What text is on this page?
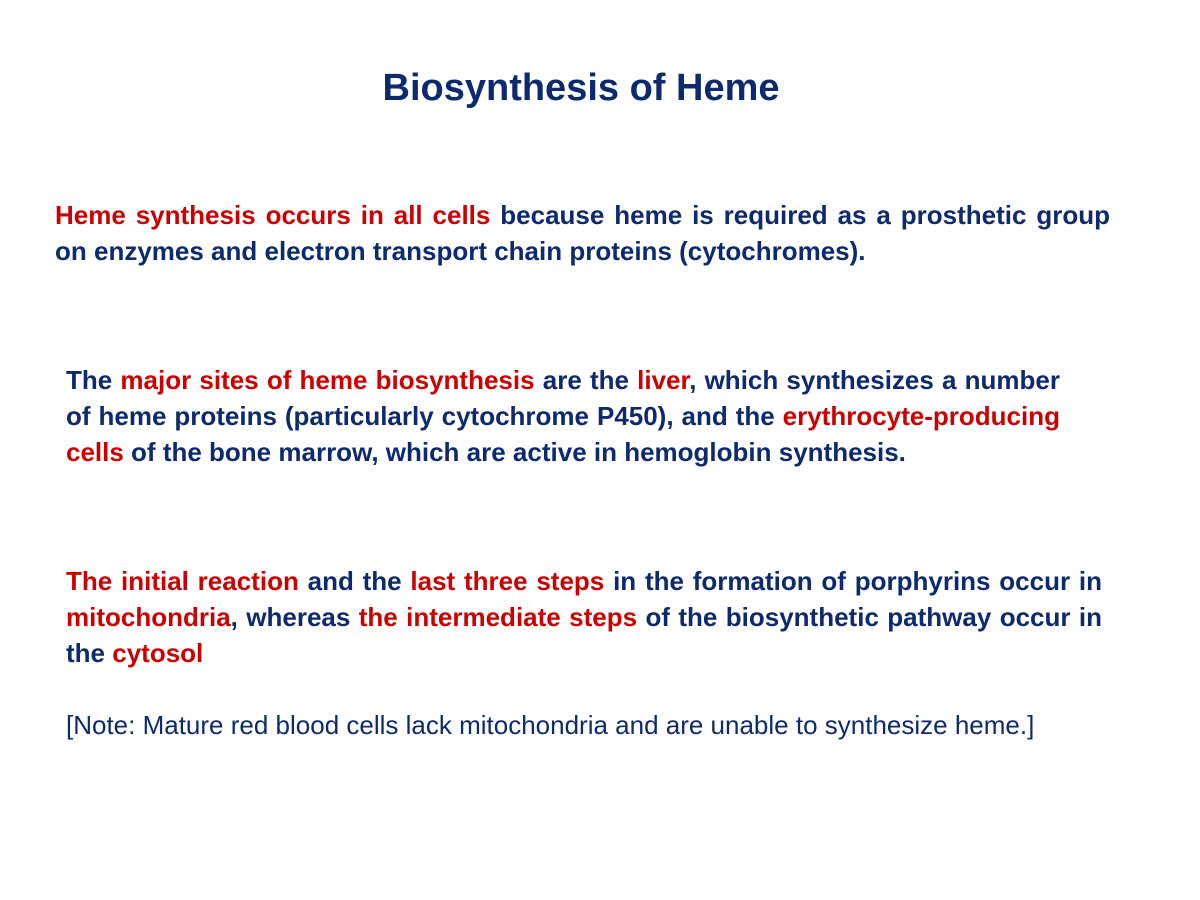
Biosynthesis of Heme
Heme synthesis occurs in all cells because heme is required as a prosthetic group on enzymes and electron transport chain proteins (cytochromes).
The major sites of heme biosynthesis are the liver, which synthesizes a number of heme proteins (particularly cytochrome P450), and the erythrocyte-producing cells of the bone marrow, which are active in hemoglobin synthesis.
The initial reaction and the last three steps in the formation of porphyrins occur in mitochondria, whereas the intermediate steps of the biosynthetic pathway occur in the cytosol
[Note: Mature red blood cells lack mitochondria and are unable to synthesize heme.]
